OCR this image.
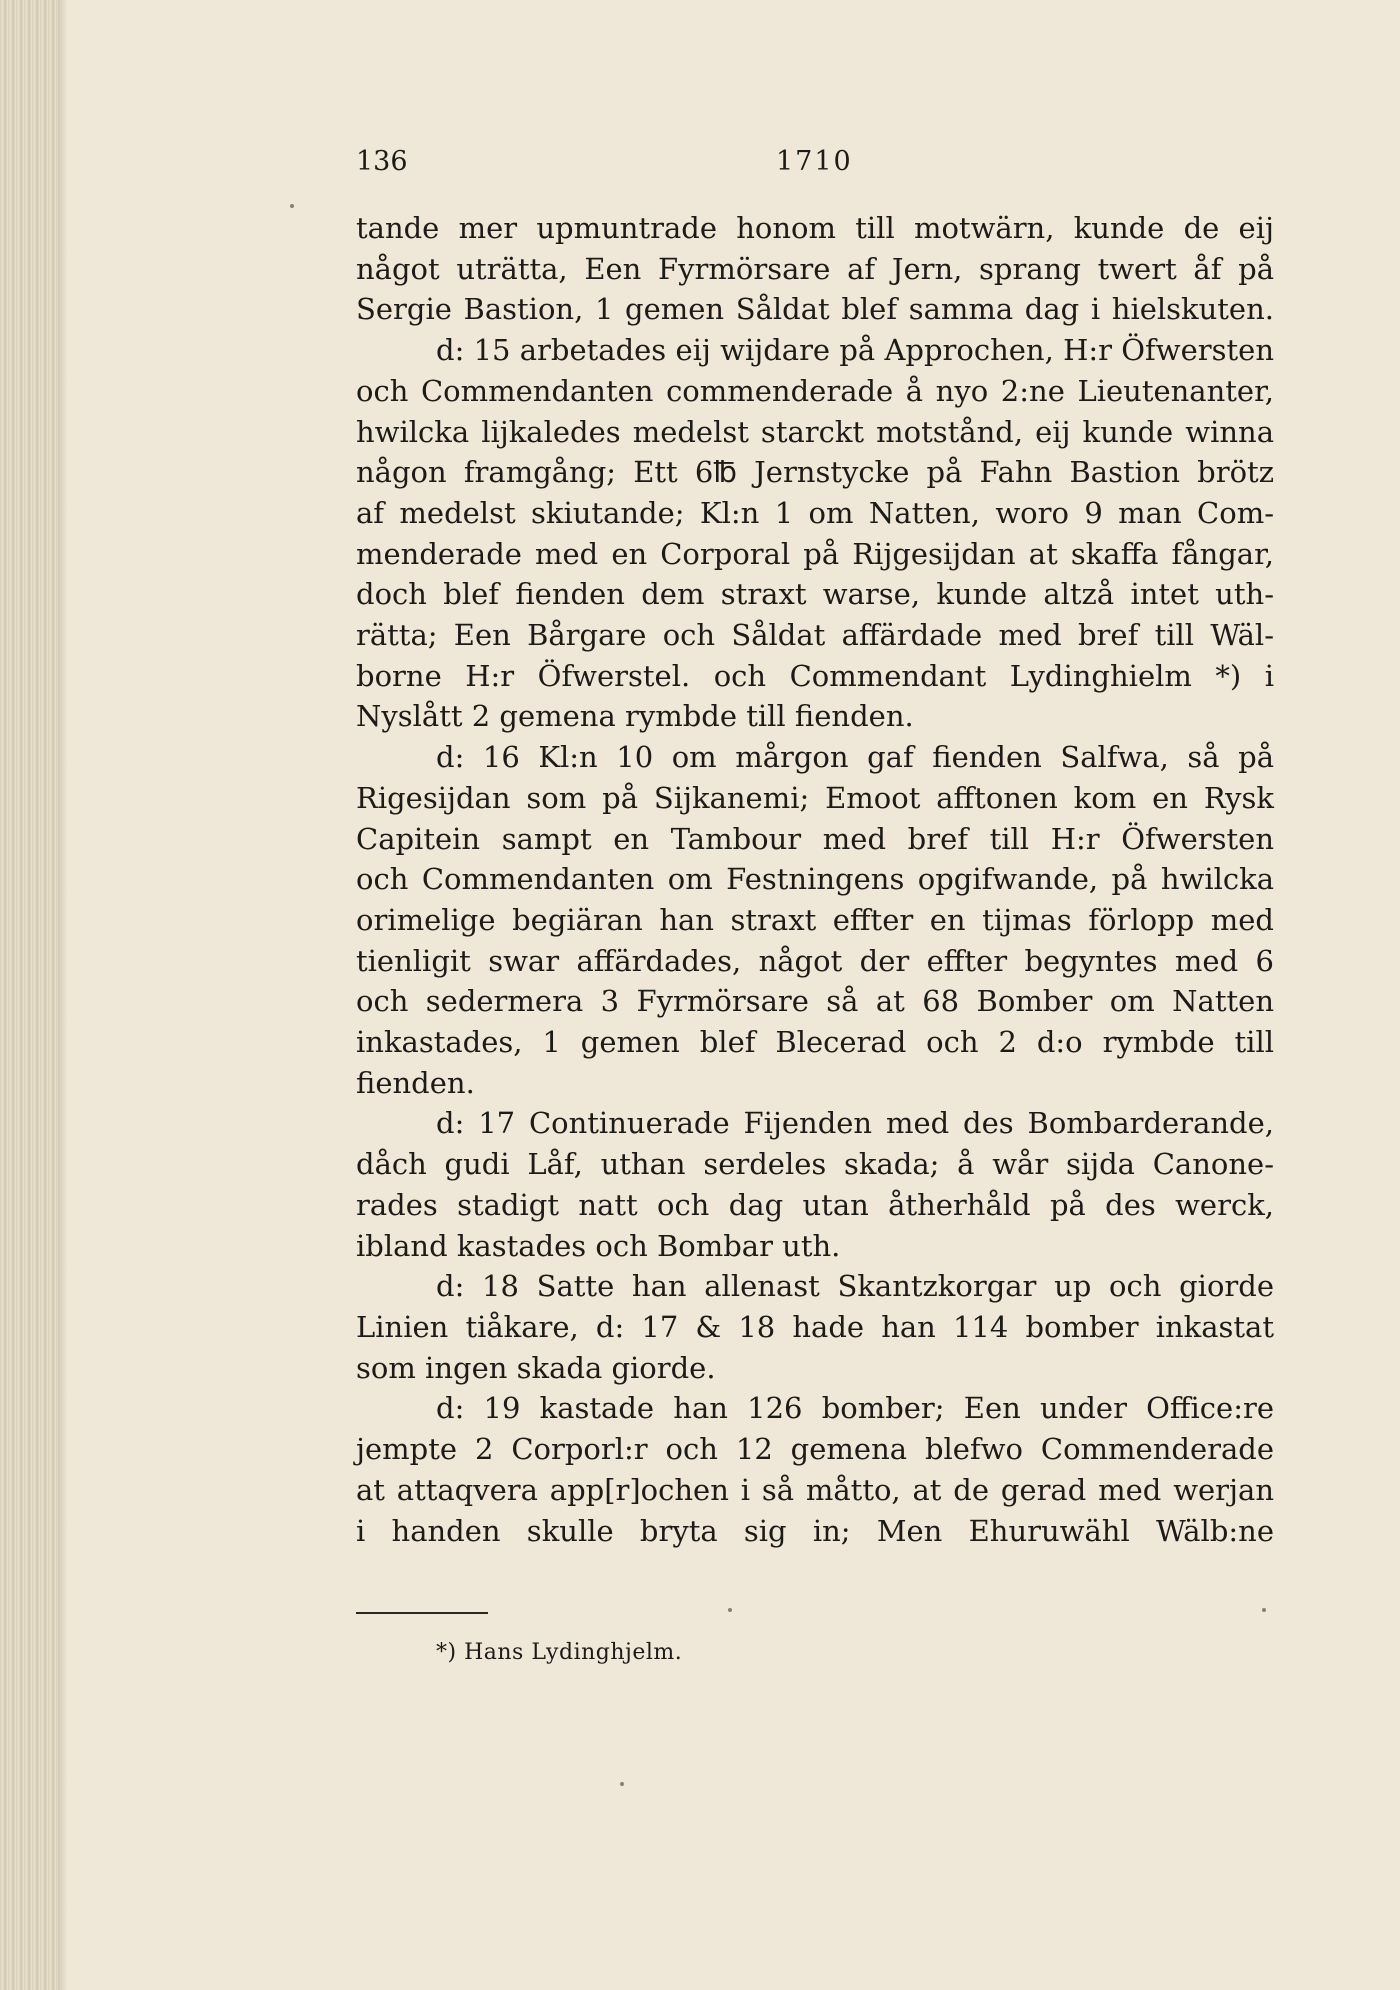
136	1710

tande mer upmuntrade honom till motwärn, kunde de eij
något uträtta, Een Fyrmörsare af Jern, sprang twert åf på
Sergie Bastion, 1 gemen Såldat blef samma dag i hielskuten.

d: 15 arbetades eij wijdare på Approchen, H:r Öfwersten
och Commendanten commenderade å nyo 2:ne Lieutenanter,
hwilcka lijkaledes medelst starckt motstånd, eij kunde winna
någon framgång; Ett 6℔ Jernstycke på Fahn Bastion brötz
af medelst skiutande; Kl:n 1 om Natten, woro 9 man Com-
menderade med en Corporal på Rijgesijdan at skaffa fångar,
doch blef fienden dem straxt warse, kunde altzå intet uth-
rätta; Een Bårgare och Såldat affärdade med bref till Wäl-
borne H:r Öfwerstel. och Commendant Lydinghielm *) i
Nyslått 2 gemena rymbde till fienden.

d: 16 Kl:n 10 om mårgon gaf fienden Salfwa, så på
Rigesijdan som på Sijkanemi; Emoot afftonen kom en Rysk
Capitein sampt en Tambour med bref till H:r Öfwersten
och Commendanten om Festningens opgifwande, på hwilcka
orimelige begiäran han straxt effter en tijmas förlopp med
tienligit swar affärdades, något der effter begyntes med 6
och sedermera 3 Fyrmörsare så at 68 Bomber om Natten
inkastades, 1 gemen blef Blecerad och 2 d:o rymbde till
fienden.

d: 17 Continuerade Fijenden med des Bombarderande,
dåch gudi Låf, uthan serdeles skada; å wår sijda Canone-
rades stadigt natt och dag utan åtherhåld på des werck,
ibland kastades och Bombar uth.

d: 18 Satte han allenast Skantzkorgar up och giorde
Linien tiåkare, d: 17 & 18 hade han 114 bomber inkastat
som ingen skada giorde.

d: 19 kastade han 126 bomber; Een under Office:re
jempte 2 Corporl:r och 12 gemena blefwo Commenderade
at attaqvera app[r]ochen i så måtto, at de gerad med werjan
i handen skulle bryta sig in; Men Ehuruwähl Wälb:ne

*) Hans Lydinghjelm.
